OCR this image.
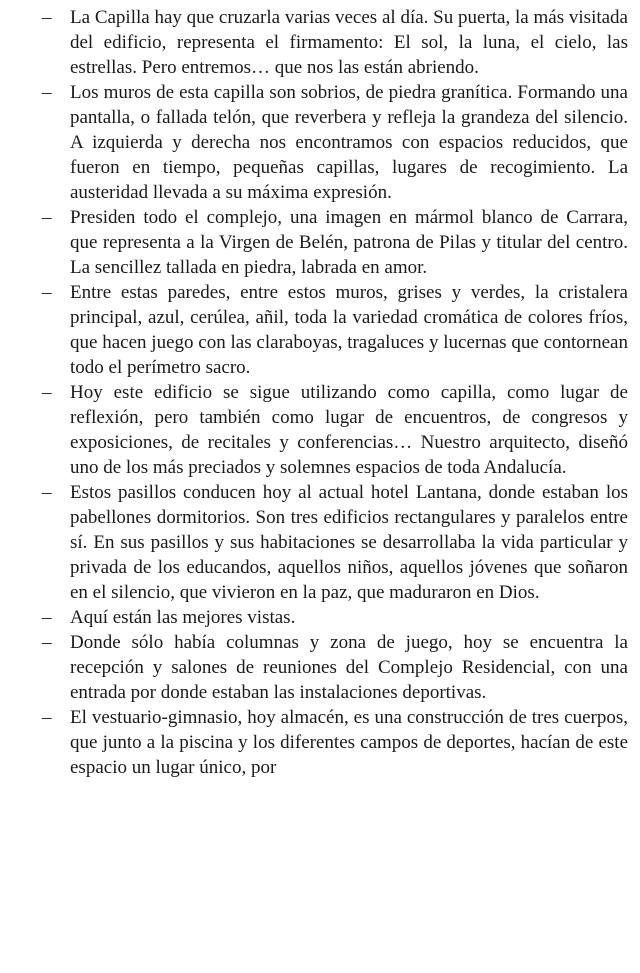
– La Capilla hay que cruzarla varias veces al día. Su puerta, la más visitada del edificio, representa el firmamento: El sol, la luna, el cielo, las estrellas. Pero entremos… que nos las están abriendo.
– Los muros de esta capilla son sobrios, de piedra granítica. Formando una pantalla, o fallada telón, que reverbera y refleja la grandeza del silencio. A izquierda y derecha nos encontramos con espacios reducidos, que fueron en tiempo, pequeñas capillas, lugares de recogimiento. La austeridad llevada a su máxima expresión.
– Presiden todo el complejo, una imagen en mármol blanco de Carrara, que representa a la Virgen de Belén, patrona de Pilas y titular del centro. La sencillez tallada en piedra, labrada en amor.
– Entre estas paredes, entre estos muros, grises y verdes, la cristalera principal, azul, cerúlea, añil, toda la variedad cromática de colores fríos, que hacen juego con las claraboyas, tragaluces y lucernas que contornean todo el perímetro sacro.
– Hoy este edificio se sigue utilizando como capilla, como lugar de reflexión, pero también como lugar de encuentros, de congresos y exposiciones, de recitales y conferencias… Nuestro arquitecto, diseñó uno de los más preciados y solemnes espacios de toda Andalucía.
– Estos pasillos conducen hoy al actual hotel Lantana, donde estaban los pabellones dormitorios. Son tres edificios rectangulares y paralelos entre sí. En sus pasillos y sus habitaciones se desarrollaba la vida particular y privada de los educandos, aquellos niños, aquellos jóvenes que soñaron en el silencio, que vivieron en la paz, que maduraron en Dios.
– Aquí están las mejores vistas.
– Donde sólo había columnas y zona de juego, hoy se encuentra la recepción y salones de reuniones del Complejo Residencial, con una entrada por donde estaban las instalaciones deportivas.
– El vestuario-gimnasio, hoy almacén, es una construcción de tres cuerpos, que junto a la piscina y los diferentes campos de deportes, hacían de este espacio un lugar único, por
